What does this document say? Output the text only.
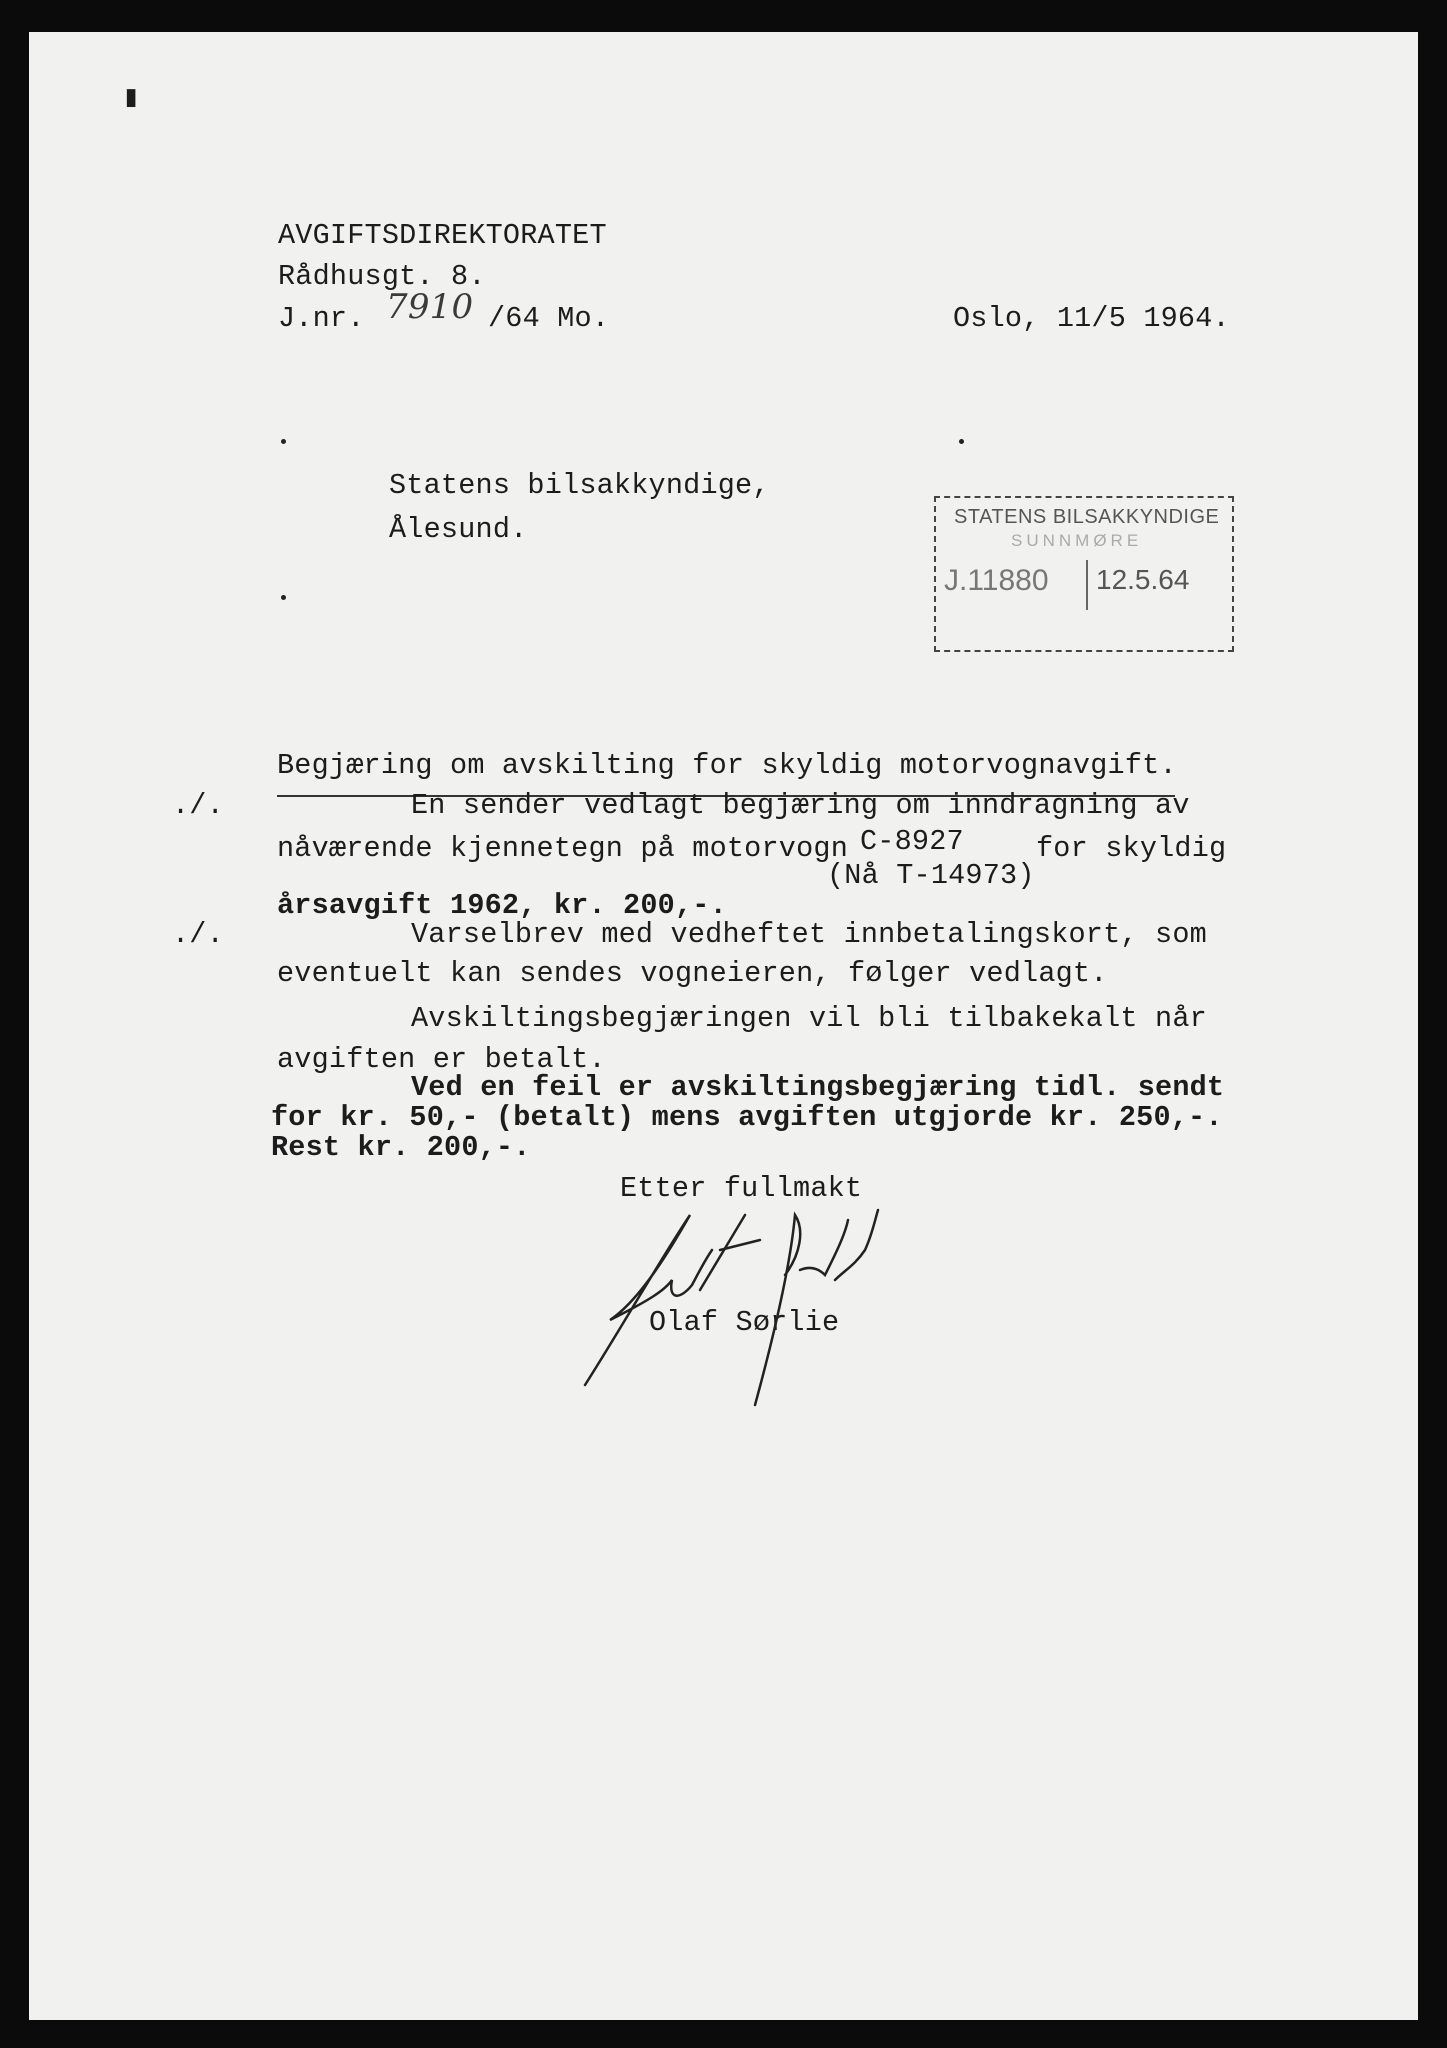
▮
AVGIFTSDIREKTORATET
Rådhusgt. 8.
J.nr. 7910 /64 Mo.	Oslo, 11/5 1964.
Statens bilsakkyndige,
Ålesund.	STATENS BILSAKKYNDIGE
SUNNMØRE
J.11880 12.5.64
Begjæring om avskilting for skyldig motorvognavgift.
./.
./.
En sender vedlagt begjæring om inndragning av
nåværende kjennetegn på motorvogn C-8927	for skyldig
(Nå T-14973)
årsavgift 1962, kr. 200,-.
Varselbrev med vedheftet innbetalingskort, som
eventuelt kan sendes vogneieren, følger vedlagt.
Avskiltingsbegjæringen vil bli tilbakekalt når
avgiften er betalt.
Ved en feil er avskiltingsbegjæring tidl. sendt
for kr. 50,- (betalt) mens avgiften utgjorde kr. 250,-.
Rest kr. 200,-.
Etter fullmakt
Olaf Sørlie
